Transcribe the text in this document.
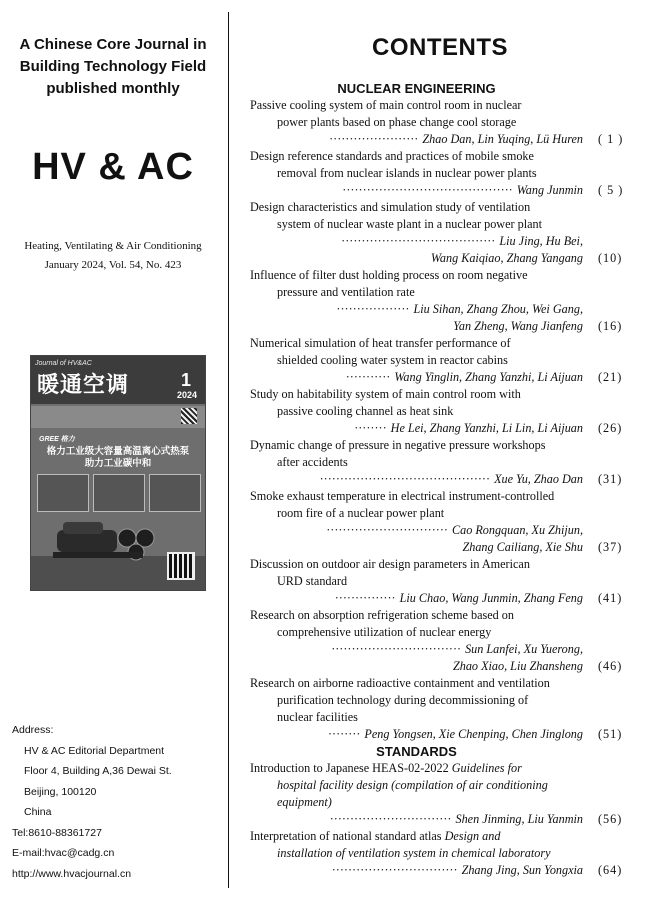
A Chinese Core Journal in
Building Technology Field
published monthly
HV & AC
Heating, Ventilating & Air Conditioning
January 2024, Vol. 54, No. 423
Journal of HV&AC
暖通空调	1
2024
GREE 格力
格力工业级大容量高温离心式热泵
助力工业碳中和
Address:
HV & AC Editorial Department
Floor 4, Building A,36 Dewai St.
Beijing, 100120
China
Tel:8610-88361727
E-mail:hvac@cadg.cn
http://www.hvacjournal.cn
CONTENTS
NUCLEAR ENGINEERING
Passive cooling system of main control room in nuclear
power plants based on phase change cool storage
······················ Zhao Dan, Lin Yuqing, Lü Huren ( 1 )
Design reference standards and practices of mobile smoke
removal from nuclear islands in nuclear power plants
·········································· Wang Junmin ( 5 )
Design characteristics and simulation study of ventilation
system of nuclear waste plant in a nuclear power plant
······································ Liu Jing, Hu Bei,
Wang Kaiqiao, Zhang Yangang (10)
Influence of filter dust holding process on room negative
pressure and ventilation rate
·················· Liu Sihan, Zhang Zhou, Wei Gang,
Yan Zheng, Wang Jianfeng (16)
Numerical simulation of heat transfer performance of
shielded cooling water system in reactor cabins
··········· Wang Yinglin, Zhang Yanzhi, Li Aijuan (21)
Study on habitability system of main control room with
passive cooling channel as heat sink
········ He Lei, Zhang Yanzhi, Li Lin, Li Aijuan (26)
Dynamic change of pressure in negative pressure workshops
after accidents
·········································· Xue Yu, Zhao Dan (31)
Smoke exhaust temperature in electrical instrument-controlled
room fire of a nuclear power plant
······························ Cao Rongquan, Xu Zhijun,
Zhang Cailiang, Xie Shu (37)
Discussion on outdoor air design parameters in American
URD standard
··············· Liu Chao, Wang Junmin, Zhang Feng (41)
Research on absorption refrigeration scheme based on
comprehensive utilization of nuclear energy
································ Sun Lanfei, Xu Yuerong,
Zhao Xiao, Liu Zhansheng (46)
Research on airborne radioactive containment and ventilation
purification technology during decommissioning of
nuclear facilities
········ Peng Yongsen, Xie Chenping, Chen Jinglong (51)
STANDARDS
Introduction to Japanese HEAS-02-2022 Guidelines for
hospital facility design (compilation of air conditioning
equipment)
······························ Shen Jinming, Liu Yanmin (56)
Interpretation of national standard atlas Design and
installation of ventilation system in chemical laboratory
······························· Zhang Jing, Sun Yongxia (64)
